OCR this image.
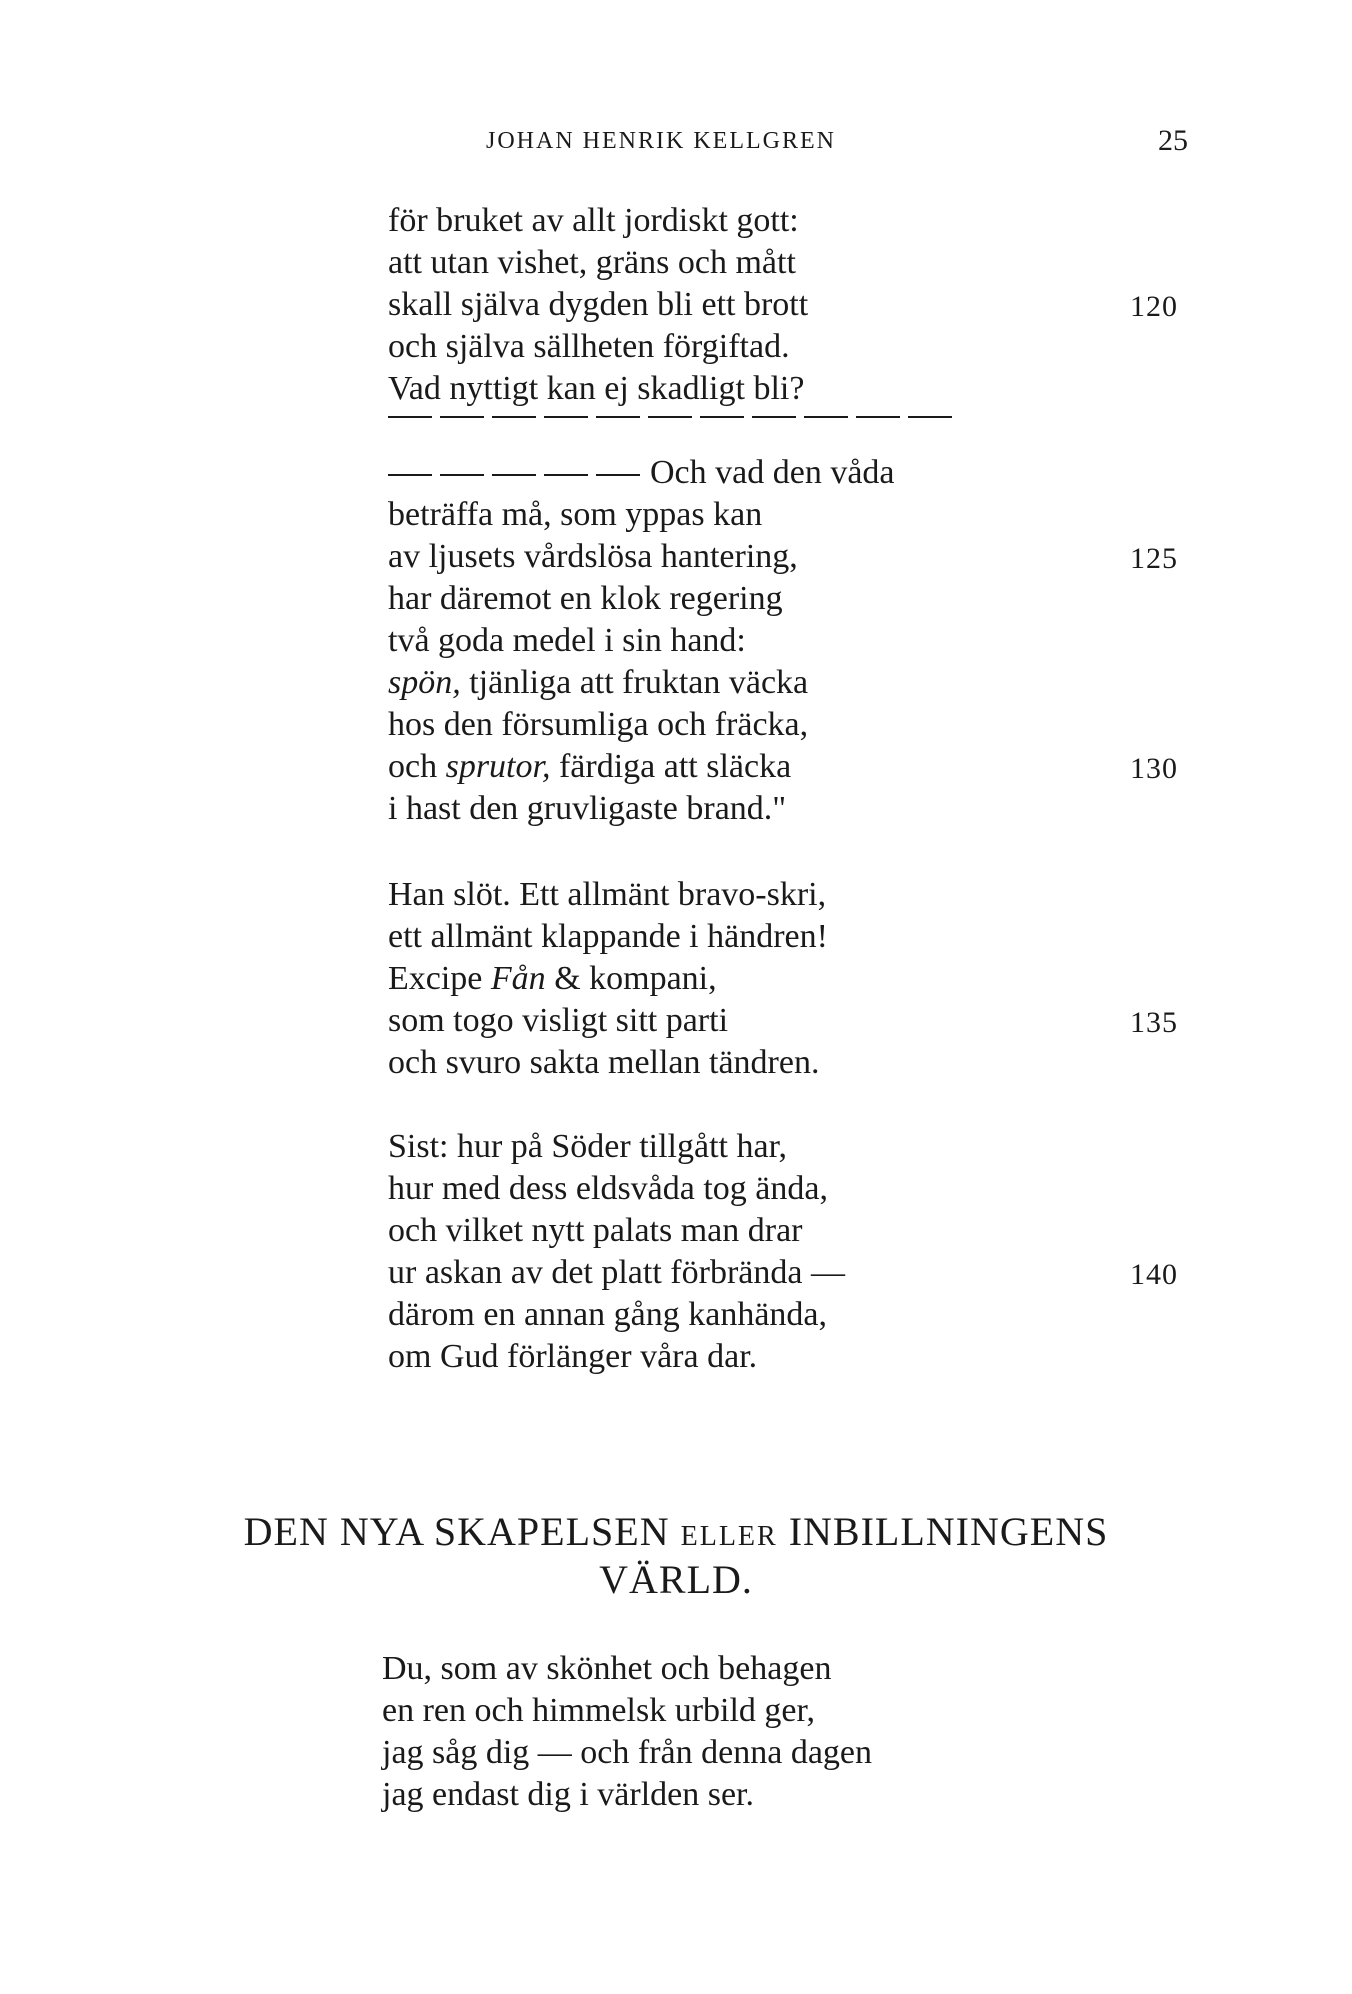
JOHAN HENRIK KELLGREN	25
för bruket av allt jordiskt gott:
att utan vishet, gräns och mått
skall själva dygden bli ett brott	120
och själva sällheten förgiftad.
Vad nyttigt kan ej skadligt bli?
Och vad den våda
beträffa må, som yppas kan
av ljusets vårdslösa hantering,	125
har däremot en klok regering
två goda medel i sin hand:
spön, tjänliga att fruktan väcka
hos den försumliga och fräcka,
och sprutor, färdiga att släcka	130
i hast den gruvligaste brand."
Han slöt. Ett allmänt bravo-skri,
ett allmänt klappande i händren!
Excipe Fån & kompani,
som togo visligt sitt parti	135
och svuro sakta mellan tändren.
Sist: hur på Söder tillgått har,
hur med dess eldsvåda tog ända,
och vilket nytt palats man drar
ur askan av det platt förbrända —	140
därom en annan gång kanhända,
om Gud förlänger våra dar.
DEN NYA SKAPELSEN ELLER INBILLNINGENS
VÄRLD.
Du, som av skönhet och behagen
en ren och himmelsk urbild ger,
jag såg dig — och från denna dagen
jag endast dig i världen ser.
